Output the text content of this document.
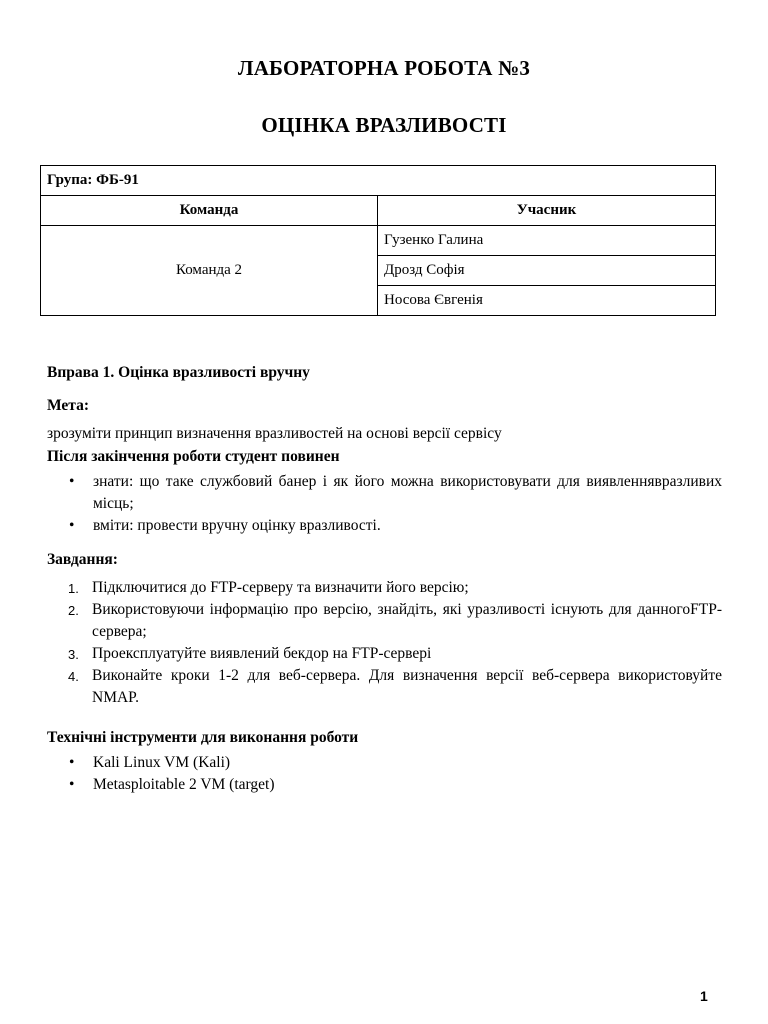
ЛАБОРАТОРНА РОБОТА №3
ОЦІНКА ВРАЗЛИВОСТІ
Група: ФБ-91	
Команда	Учасник
Команда 2	Гузенко Галина
	Дрозд Софія
	Носова Євгенія
Вправа 1. Оцінка вразливості вручну
Мета:
зрозуміти принцип визначення вразливостей на основі версії сервісу
Після закінчення роботи студент повинен
• знати: що таке службовий банер і як його можна використовувати для виявленнявразливих місць;
• вміти: провести вручну оцінку вразливості.
Завдання:
1. Підключитися до FTP-серверу та визначити його версію;
2. Використовуючи інформацію про версію, знайдіть, які уразливості існують для данногоFTP-сервера;
3. Проексплуатуйте виявлений бекдор на FTP-сервері
4. Виконайте кроки 1-2 для веб-сервера. Для визначення версії веб-сервера використовуйте NMAP.
Технічні інструменти для виконання роботи
• Kali Linux VM (Kali)
• Metasploitable 2 VM (target)
1
